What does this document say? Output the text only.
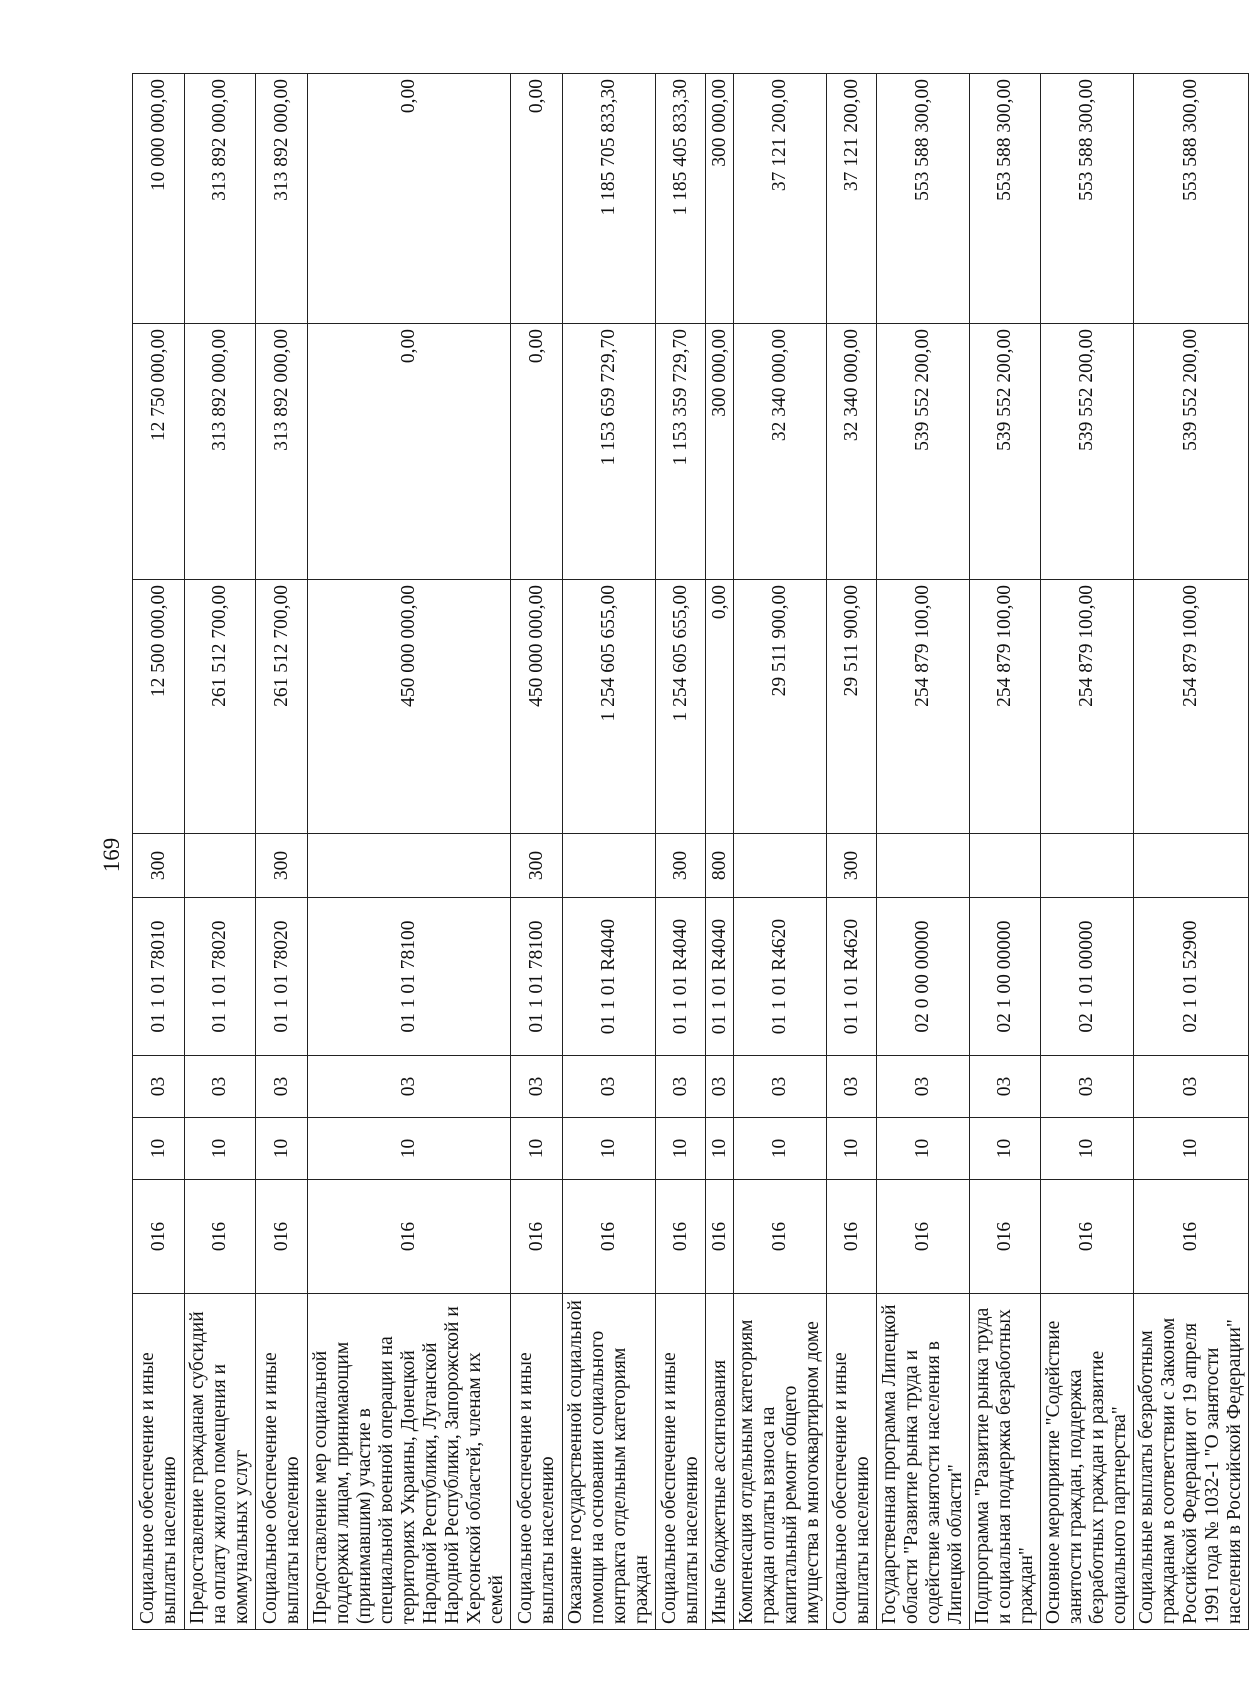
169
Социальное обеспечение и иные выплаты населению	016	10	03	01 1 01 78010	300	12 500 000,00	12 750 000,00	10 000 000,00
Предоставление гражданам субсидий на оплату жилого помещения и коммунальных услуг	016	10	03	01 1 01 78020		261 512 700,00	313 892 000,00	313 892 000,00
Социальное обеспечение и иные выплаты населению	016	10	03	01 1 01 78020	300	261 512 700,00	313 892 000,00	313 892 000,00
Предоставление мер социальной поддержки лицам, принимающим (принимавшим) участие в специальной военной операции на территориях Украины, Донецкой Народной Республики, Луганской Народной Республики, Запорожской и Херсонской областей, членам их семей	016	10	03	01 1 01 78100		450 000 000,00	0,00	0,00
Социальное обеспечение и иные выплаты населению	016	10	03	01 1 01 78100	300	450 000 000,00	0,00	0,00
Оказание государственной социальной помощи на основании социального контракта отдельным категориям граждан	016	10	03	01 1 01 R4040		1 254 605 655,00	1 153 659 729,70	1 185 705 833,30
Социальное обеспечение и иные выплаты населению	016	10	03	01 1 01 R4040	300	1 254 605 655,00	1 153 359 729,70	1 185 405 833,30
Иные бюджетные ассигнования	016	10	03	01 1 01 R4040	800	0,00	300 000,00	300 000,00
Компенсация отдельным категориям граждан оплаты взноса на капитальный ремонт общего имущества в многоквартирном доме	016	10	03	01 1 01 R4620		29 511 900,00	32 340 000,00	37 121 200,00
Социальное обеспечение и иные выплаты населению	016	10	03	01 1 01 R4620	300	29 511 900,00	32 340 000,00	37 121 200,00
Государственная программа Липецкой области "Развитие рынка труда и содействие занятости населения в Липецкой области"	016	10	03	02 0 00 00000		254 879 100,00	539 552 200,00	553 588 300,00
Подпрограмма "Развитие рынка труда и социальная поддержка безработных граждан"	016	10	03	02 1 00 00000		254 879 100,00	539 552 200,00	553 588 300,00
Основное мероприятие "Содействие занятости граждан, поддержка безработных граждан и развитие социального партнерства"	016	10	03	02 1 01 00000		254 879 100,00	539 552 200,00	553 588 300,00
Социальные выплаты безработным гражданам в соответствии с Законом Российской Федерации от 19 апреля 1991 года № 1032-1 "О занятости населения в Российской Федерации"	016	10	03	02 1 01 52900		254 879 100,00	539 552 200,00	553 588 300,00
